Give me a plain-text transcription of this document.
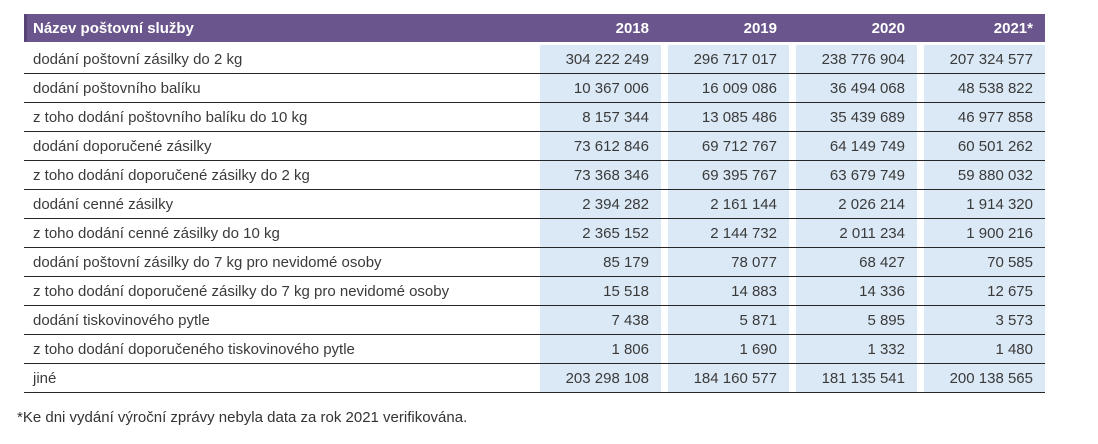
Název poštovní služby	2018	2019	2020	2021*
dodání poštovní zásilky do 2 kg	304 222 249	296 717 017	238 776 904	207 324 577
dodání poštovního balíku	10 367 006	16 009 086	36 494 068	48 538 822
z toho dodání poštovního balíku do 10 kg	8 157 344	13 085 486	35 439 689	46 977 858
dodání doporučené zásilky	73 612 846	69 712 767	64 149 749	60 501 262
z toho dodání doporučené zásilky do 2 kg	73 368 346	69 395 767	63 679 749	59 880 032
dodání cenné zásilky	2 394 282	2 161 144	2 026 214	1 914 320
z toho dodání cenné zásilky do 10 kg	2 365 152	2 144 732	2 011 234	1 900 216
dodání poštovní zásilky do 7 kg pro nevidomé osoby	85 179	78 077	68 427	70 585
z toho dodání doporučené zásilky do 7 kg pro nevidomé osoby	15 518	14 883	14 336	12 675
dodání tiskovinového pytle	7 438	5 871	5 895	3 573
z toho dodání doporučeného tiskovinového pytle	1 806	1 690	1 332	1 480
jiné	203 298 108	184 160 577	181 135 541	200 138 565
*Ke dni vydání výroční zprávy nebyla data za rok 2021 verifikována.
